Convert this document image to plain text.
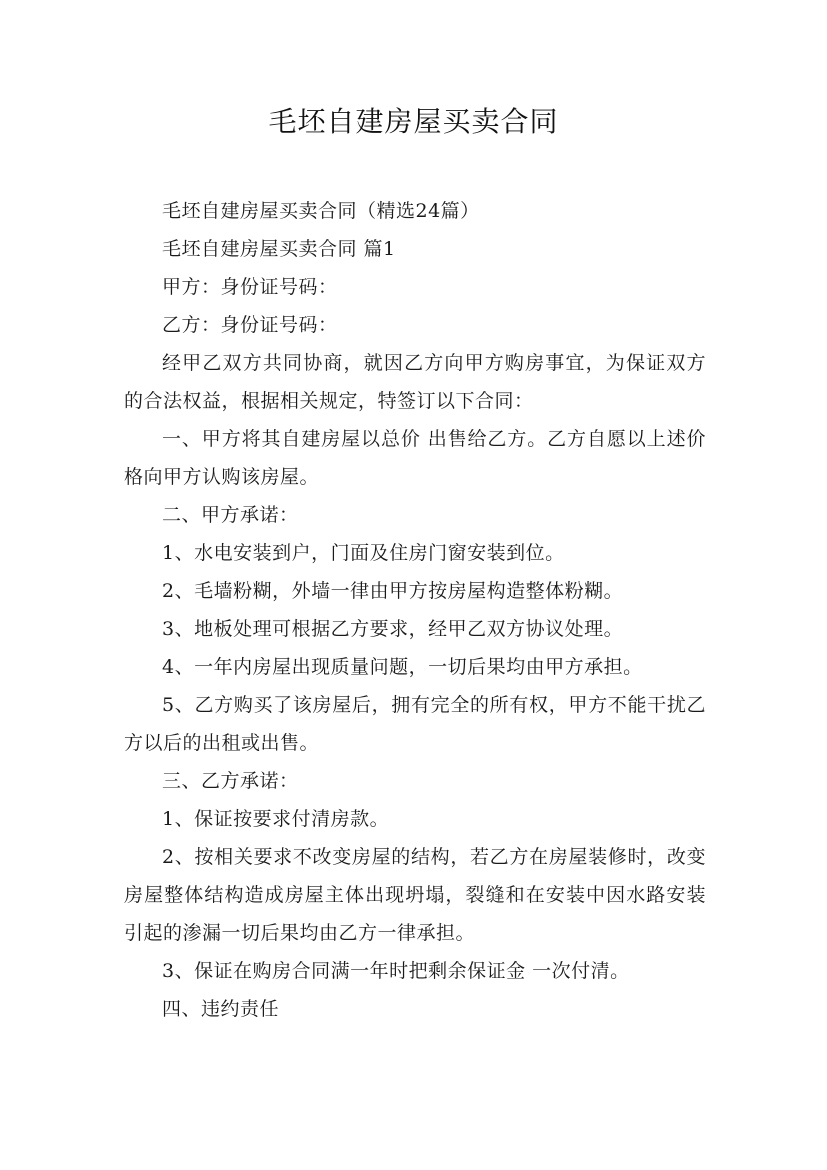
毛坯自建房屋买卖合同

毛坯自建房屋买卖合同（精选24篇）

毛坯自建房屋买卖合同 篇1

甲方：身份证号码：

乙方：身份证号码：

经甲乙双方共同协商，就因乙方向甲方购房事宜，为保证双方的合法权益，根据相关规定，特签订以下合同：

一、甲方将其自建房屋以总价 出售给乙方。乙方自愿以上述价格向甲方认购该房屋。

二、甲方承诺：

1、水电安装到户，门面及住房门窗安装到位。

2、毛墙粉糊，外墙一律由甲方按房屋构造整体粉糊。

3、地板处理可根据乙方要求，经甲乙双方协议处理。

4、一年内房屋出现质量问题，一切后果均由甲方承担。

5、乙方购买了该房屋后，拥有完全的所有权，甲方不能干扰乙方以后的出租或出售。

三、乙方承诺：

1、保证按要求付清房款。

2、按相关要求不改变房屋的结构，若乙方在房屋装修时，改变房屋整体结构造成房屋主体出现坍塌，裂缝和在安装中因水路安装引起的渗漏一切后果均由乙方一律承担。

3、保证在购房合同满一年时把剩余保证金 一次付清。

四、违约责任
